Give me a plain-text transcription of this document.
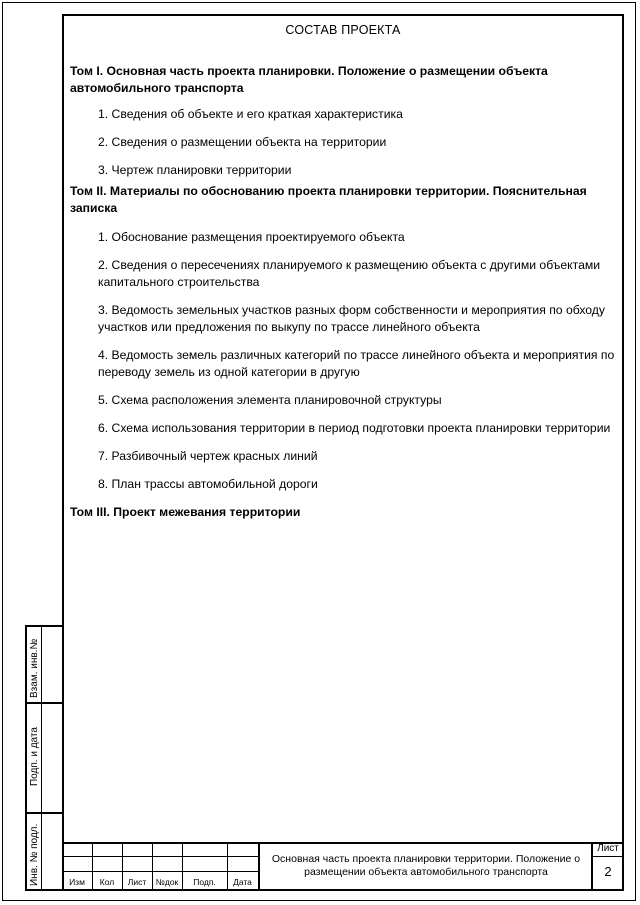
СОСТАВ ПРОЕКТА

Том I. Основная часть проекта планировки. Положение о размещении объекта автомобильного транспорта

1. Сведения об объекте и его краткая характеристика

2. Сведения о размещении объекта на территории

3. Чертеж планировки территории

Том II. Материалы по обоснованию проекта планировки территории. Пояснительная записка

1. Обоснование размещения проектируемого объекта

2. Сведения о пересечениях планируемого к размещению объекта с другими объектами капитального строительства

3. Ведомость земельных участков разных форм собственности и мероприятия по обходу участков или предложения по выкупу по трассе линейного объекта

4. Ведомость земель различных категорий по трассе линейного объекта и мероприятия по переводу земель из одной категории в другую

5. Схема расположения элемента планировочной структуры

6. Схема использования территории в период подготовки проекта планировки территории

7. Разбивочный чертеж красных линий

8. План трассы автомобильной дороги

Том III. Проект межевания территории

Взам. инв.№
Подп. и дата
Инв. № подл.	Изм	Кол	Лист	№док	Подп.	Дата
Основная часть проекта планировки территории. Положение о размещении объекта автомобильного транспорта
Лист
2
